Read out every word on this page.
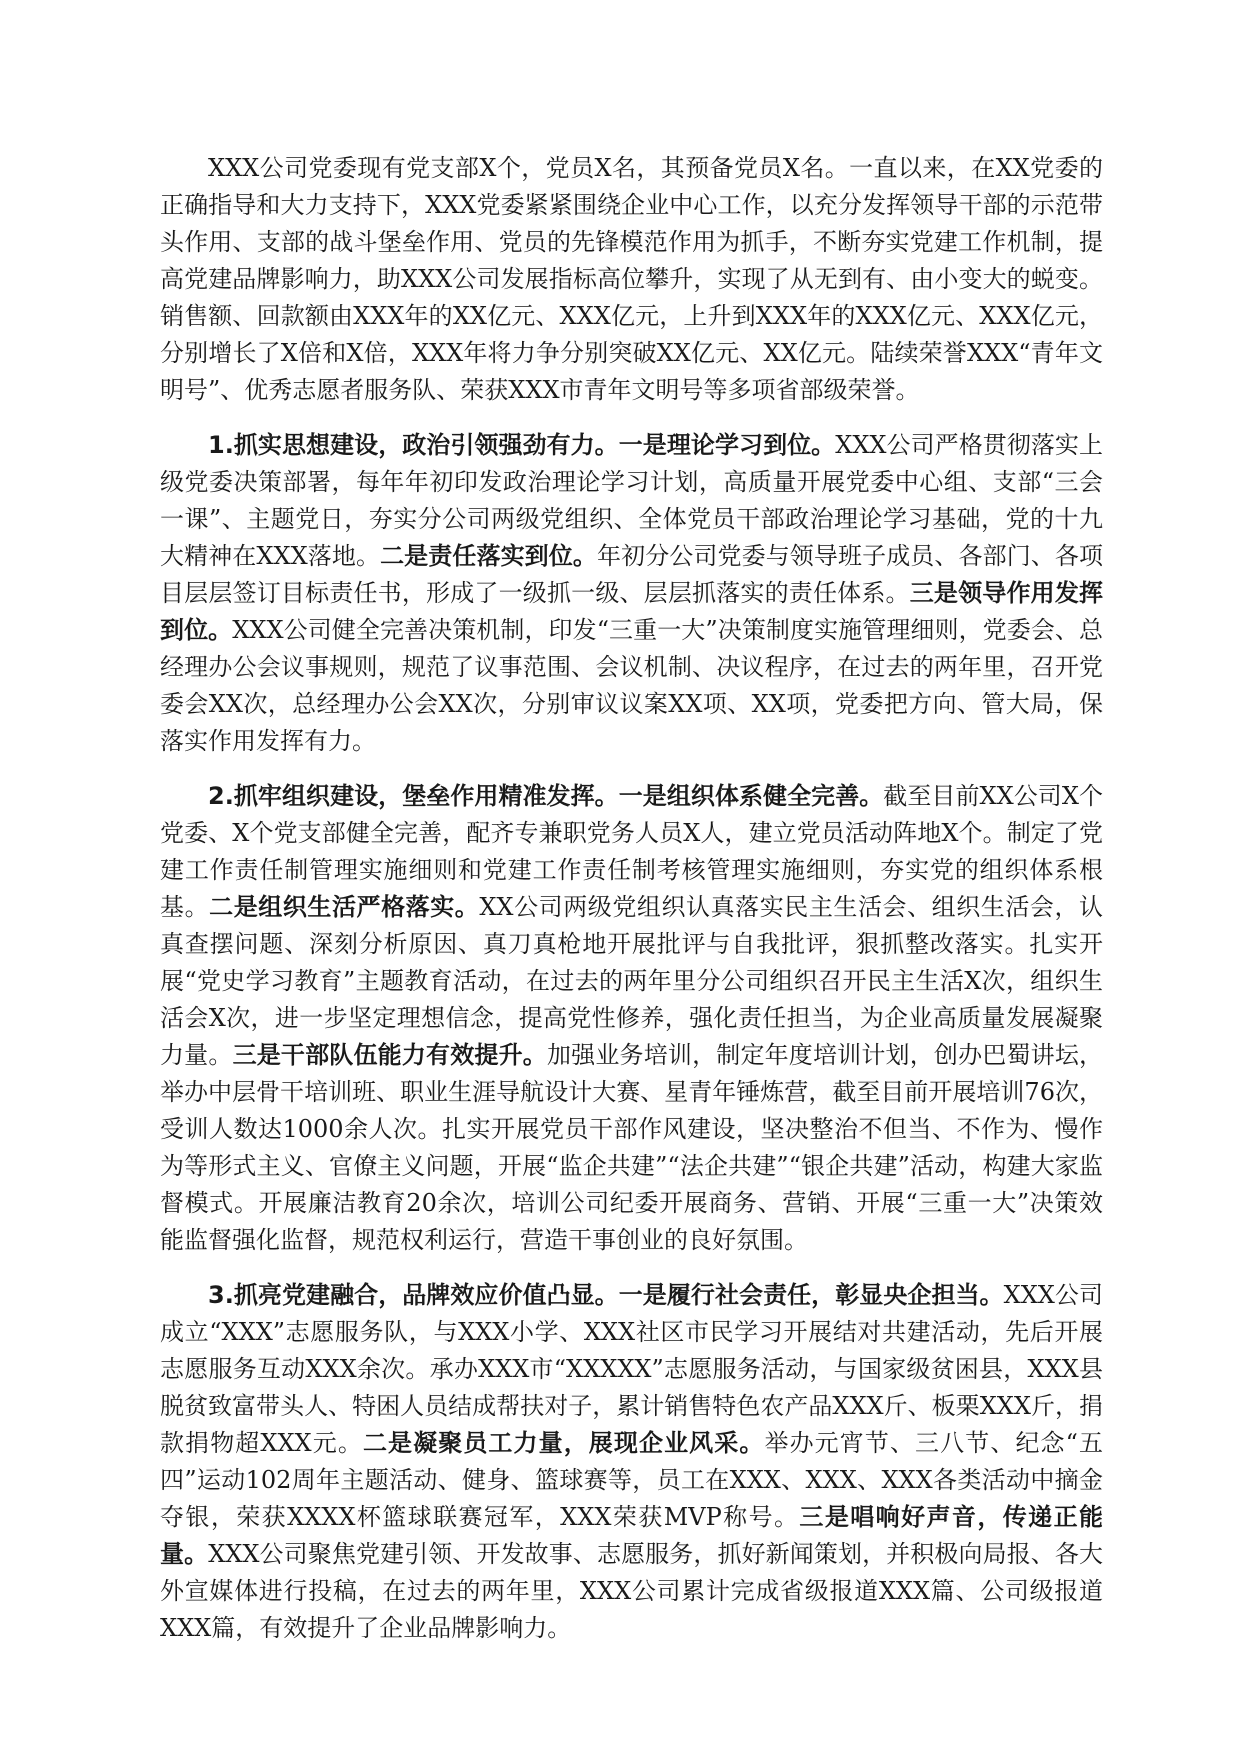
XXX公司党委现有党支部X个，党员X名，其预备党员X名。一直以来，在XX党委的正确指导和大力支持下，XXX党委紧紧围绕企业中心工作，以充分发挥领导干部的示范带头作用、支部的战斗堡垒作用、党员的先锋模范作用为抓手，不断夯实党建工作机制，提高党建品牌影响力，助XXX公司发展指标高位攀升，实现了从无到有、由小变大的蜕变。销售额、回款额由XXX年的XX亿元、XXX亿元，上升到XXX年的XXX亿元、XXX亿元，分别增长了X倍和X倍，XXX年将力争分别突破XX亿元、XX亿元。陆续荣誉XXX“青年文明号”、优秀志愿者服务队、荣获XXX市青年文明号等多项省部级荣誉。

1.抓实思想建设，政治引领强劲有力。一是理论学习到位。XXX公司严格贯彻落实上级党委决策部署，每年年初印发政治理论学习计划，高质量开展党委中心组、支部“三会一课”、主题党日，夯实分公司两级党组织、全体党员干部政治理论学习基础，党的十九大精神在XXX落地。二是责任落实到位。年初分公司党委与领导班子成员、各部门、各项目层层签订目标责任书，形成了一级抓一级、层层抓落实的责任体系。三是领导作用发挥到位。XXX公司健全完善决策机制，印发“三重一大”决策制度实施管理细则，党委会、总经理办公会议事规则，规范了议事范围、会议机制、决议程序，在过去的两年里，召开党委会XX次，总经理办公会XX次，分别审议议案XX项、XX项，党委把方向、管大局，保落实作用发挥有力。

2.抓牢组织建设，堡垒作用精准发挥。一是组织体系健全完善。截至目前XX公司X个党委、X个党支部健全完善，配齐专兼职党务人员X人，建立党员活动阵地X个。制定了党建工作责任制管理实施细则和党建工作责任制考核管理实施细则，夯实党的组织体系根基。二是组织生活严格落实。XX公司两级党组织认真落实民主生活会、组织生活会，认真查摆问题、深刻分析原因、真刀真枪地开展批评与自我批评，狠抓整改落实。扎实开展“党史学习教育”主题教育活动，在过去的两年里分公司组织召开民主生活X次，组织生活会X次，进一步坚定理想信念，提高党性修养，强化责任担当，为企业高质量发展凝聚力量。三是干部队伍能力有效提升。加强业务培训，制定年度培训计划，创办巴蜀讲坛，举办中层骨干培训班、职业生涯导航设计大赛、星青年锤炼营，截至目前开展培训76次，受训人数达1000余人次。扎实开展党员干部作风建设，坚决整治不但当、不作为、慢作为等形式主义、官僚主义问题，开展“监企共建”“法企共建”“银企共建”活动，构建大家监督模式。开展廉洁教育20余次，培训公司纪委开展商务、营销、开展“三重一大”决策效能监督强化监督，规范权利运行，营造干事创业的良好氛围。

3.抓亮党建融合，品牌效应价值凸显。一是履行社会责任，彰显央企担当。XXX公司成立“XXX”志愿服务队，与XXX小学、XXX社区市民学习开展结对共建活动，先后开展志愿服务互动XXX余次。承办XXX市“XXXXX”志愿服务活动，与国家级贫困县，XXX县脱贫致富带头人、特困人员结成帮扶对子，累计销售特色农产品XXX斤、板栗XXX斤，捐款捐物超XXX元。二是凝聚员工力量，展现企业风采。举办元宵节、三八节、纪念“五四”运动102周年主题活动、健身、篮球赛等，员工在XXX、XXX、XXX各类活动中摘金夺银，荣获XXXX杯篮球联赛冠军，XXX荣获MVP称号。三是唱响好声音，传递正能量。XXX公司聚焦党建引领、开发故事、志愿服务，抓好新闻策划，并积极向局报、各大外宣媒体进行投稿，在过去的两年里，XXX公司累计完成省级报道XXX篇、公司级报道XXX篇，有效提升了企业品牌影响力。
